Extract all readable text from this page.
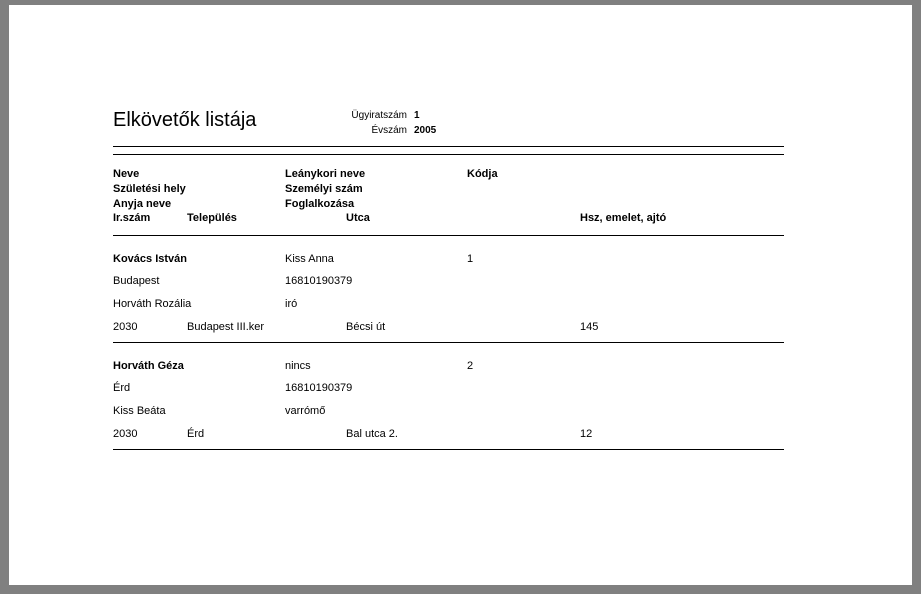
Elkövetők listája	Ügyiratszám 1
Évszám 2005
Neve	Leánykori neve	Kódja
Születési hely	Személyi szám
Anyja neve	Foglalkozása
Ir.szám	Település	Utca	Hsz, emelet, ajtó
Kovács István	Kiss Anna	1
Budapest	16810190379
Horváth Rozália	iró
2030	Budapest III.ker	Bécsi út	145
Horváth Géza	nincs	2
Érd	16810190379
Kiss Beáta	varrómő
2030	Érd	Bal utca 2.	12
